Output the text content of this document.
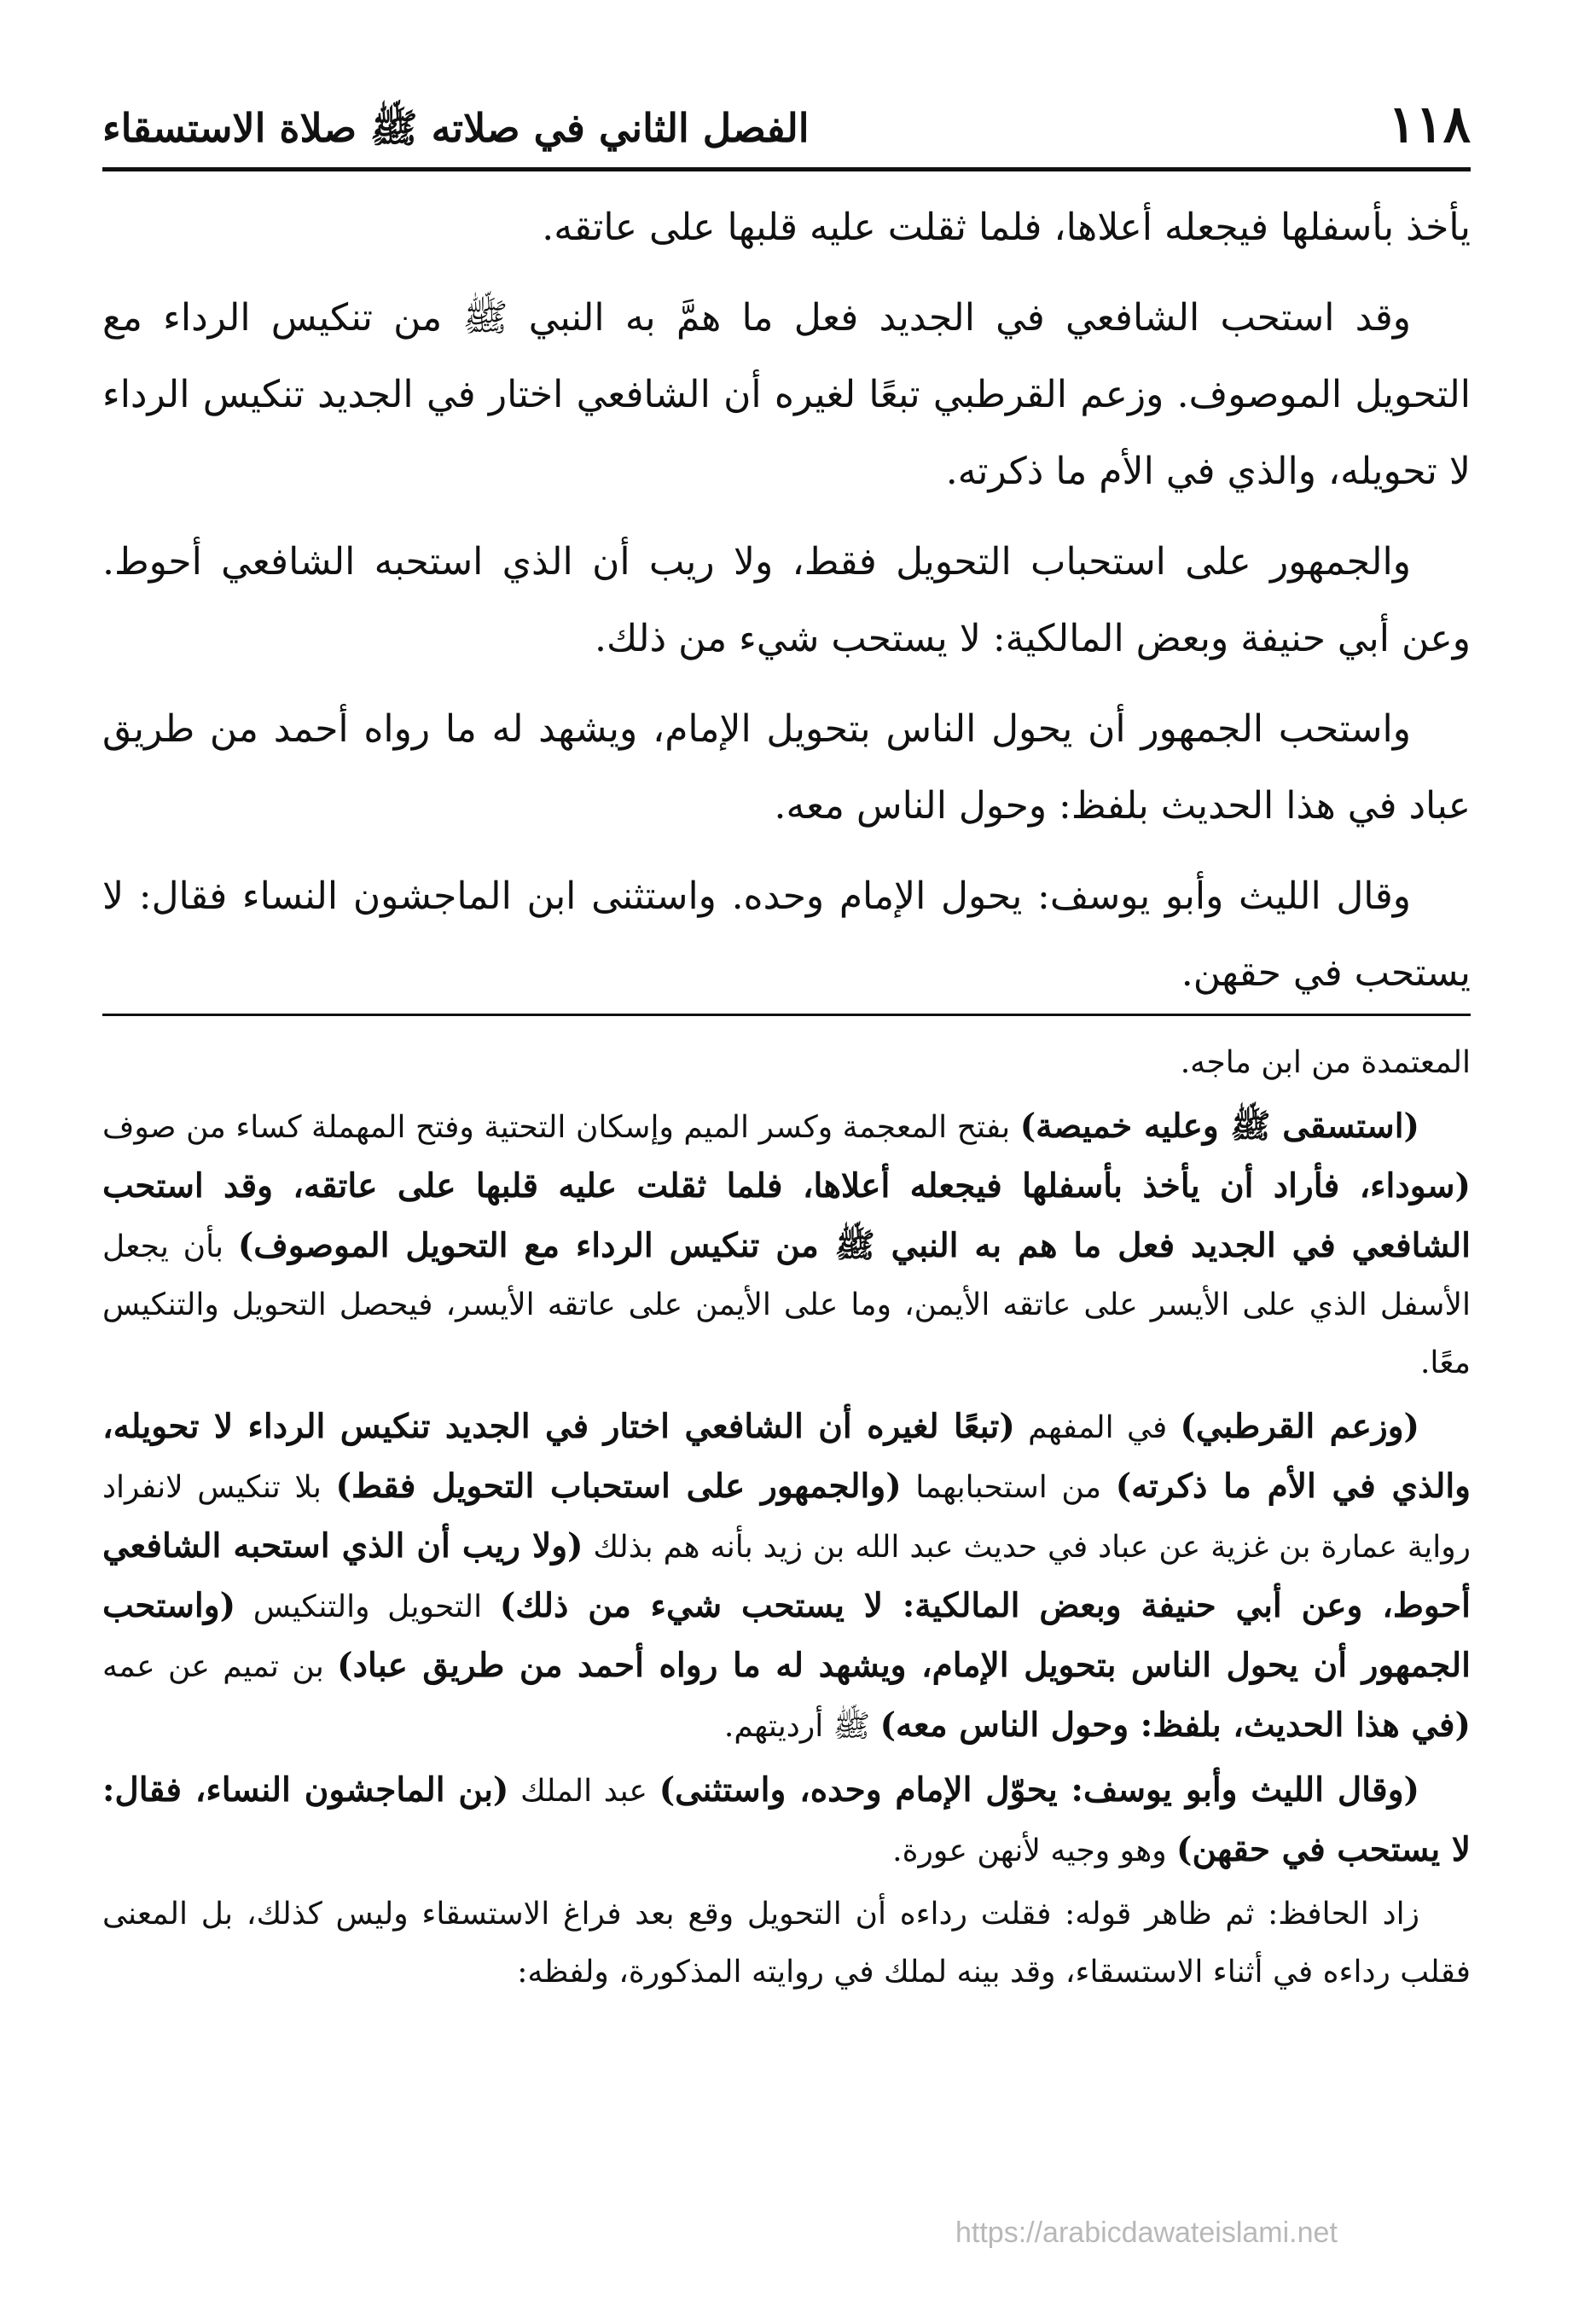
١١٨
الفصل الثاني في صلاته ﷺ صلاة الاستسقاء

يأخذ بأسفلها فيجعله أعلاها، فلما ثقلت عليه قلبها على عاتقه.

وقد استحب الشافعي في الجديد فعل ما همَّ به النبي ﷺ من تنكيس الرداء مع التحويل الموصوف. وزعم القرطبي تبعًا لغيره أن الشافعي اختار في الجديد تنكيس الرداء لا تحويله، والذي في الأم ما ذكرته.

والجمهور على استحباب التحويل فقط، ولا ريب أن الذي استحبه الشافعي أحوط. وعن أبي حنيفة وبعض المالكية: لا يستحب شيء من ذلك.

واستحب الجمهور أن يحول الناس بتحويل الإمام، ويشهد له ما رواه أحمد من طريق عباد في هذا الحديث بلفظ: وحول الناس معه.

وقال الليث وأبو يوسف: يحول الإمام وحده. واستثنى ابن الماجشون النساء فقال: لا يستحب في حقهن.

المعتمدة من ابن ماجه.

(استسقى ﷺ وعليه خميصة) بفتح المعجمة وكسر الميم وإسكان التحتية وفتح المهملة كساء من صوف (سوداء، فأراد أن يأخذ بأسفلها فيجعله أعلاها، فلما ثقلت عليه قلبها على عاتقه، وقد استحب الشافعي في الجديد فعل ما هم به النبي ﷺ من تنكيس الرداء مع التحويل الموصوف) بأن يجعل الأسفل الذي على الأيسر على عاتقه الأيمن، وما على الأيمن على عاتقه الأيسر، فيحصل التحويل والتنكيس معًا.

(وزعم القرطبي) في المفهم (تبعًا لغيره أن الشافعي اختار في الجديد تنكيس الرداء لا تحويله، والذي في الأم ما ذكرته) من استحبابهما (والجمهور على استحباب التحويل فقط) بلا تنكيس لانفراد رواية عمارة بن غزية عن عباد في حديث عبد الله بن زيد بأنه هم بذلك (ولا ريب أن الذي استحبه الشافعي أحوط، وعن أبي حنيفة وبعض المالكية: لا يستحب شيء من ذلك) التحويل والتنكيس (واستحب الجمهور أن يحول الناس بتحويل الإمام، ويشهد له ما رواه أحمد من طريق عباد) بن تميم عن عمه (في هذا الحديث، بلفظ: وحول الناس معه) ﷺ أرديتهم.

(وقال الليث وأبو يوسف: يحوّل الإمام وحده، واستثنى) عبد الملك (بن الماجشون النساء، فقال: لا يستحب في حقهن) وهو وجيه لأنهن عورة.

زاد الحافظ: ثم ظاهر قوله: فقلت رداءه أن التحويل وقع بعد فراغ الاستسقاء وليس كذلك، بل المعنى فقلب رداءه في أثناء الاستسقاء، وقد بينه لملك في روايته المذكورة، ولفظه:

https://arabicdawateislami.net
